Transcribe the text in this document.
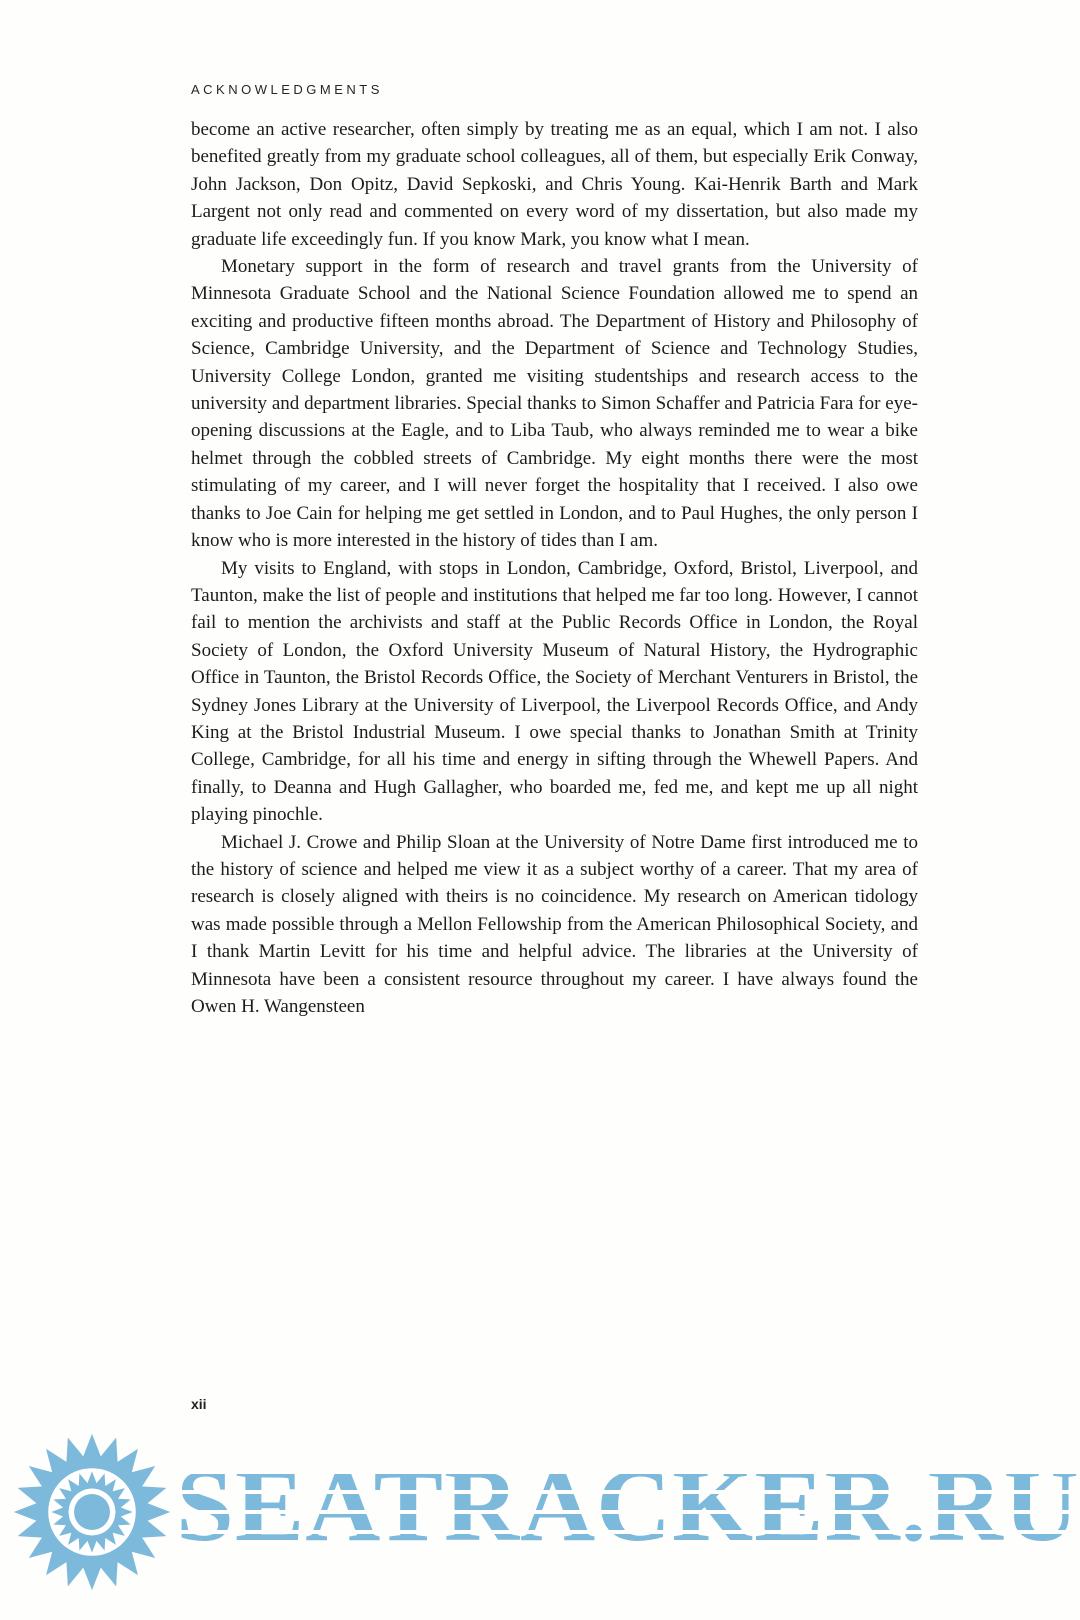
ACKNOWLEDGMENTS

become an active researcher, often simply by treating me as an equal, which I am not. I also benefited greatly from my graduate school colleagues, all of them, but especially Erik Conway, John Jackson, Don Opitz, David Sepkoski, and Chris Young. Kai-Henrik Barth and Mark Largent not only read and commented on every word of my dissertation, but also made my graduate life exceedingly fun. If you know Mark, you know what I mean.

Monetary support in the form of research and travel grants from the University of Minnesota Graduate School and the National Science Foundation allowed me to spend an exciting and productive fifteen months abroad. The Department of History and Philosophy of Science, Cambridge University, and the Department of Science and Technology Studies, University College London, granted me visiting studentships and research access to the university and department libraries. Special thanks to Simon Schaffer and Patricia Fara for eye-opening discussions at the Eagle, and to Liba Taub, who always reminded me to wear a bike helmet through the cobbled streets of Cambridge. My eight months there were the most stimulating of my career, and I will never forget the hospitality that I received. I also owe thanks to Joe Cain for helping me get settled in London, and to Paul Hughes, the only person I know who is more interested in the history of tides than I am.

My visits to England, with stops in London, Cambridge, Oxford, Bristol, Liverpool, and Taunton, make the list of people and institutions that helped me far too long. However, I cannot fail to mention the archivists and staff at the Public Records Office in London, the Royal Society of London, the Oxford University Museum of Natural History, the Hydrographic Office in Taunton, the Bristol Records Office, the Society of Merchant Venturers in Bristol, the Sydney Jones Library at the University of Liverpool, the Liverpool Records Office, and Andy King at the Bristol Industrial Museum. I owe special thanks to Jonathan Smith at Trinity College, Cambridge, for all his time and energy in sifting through the Whewell Papers. And finally, to Deanna and Hugh Gallagher, who boarded me, fed me, and kept me up all night playing pinochle.

Michael J. Crowe and Philip Sloan at the University of Notre Dame first introduced me to the history of science and helped me view it as a subject worthy of a career. That my area of research is closely aligned with theirs is no coincidence. My research on American tidology was made possible through a Mellon Fellowship from the American Philosophical Society, and I thank Martin Levitt for his time and helpful advice. The libraries at the University of Minnesota have been a consistent resource throughout my career. I have always found the Owen H. Wangensteen

xii
SEATRACKER.RU
